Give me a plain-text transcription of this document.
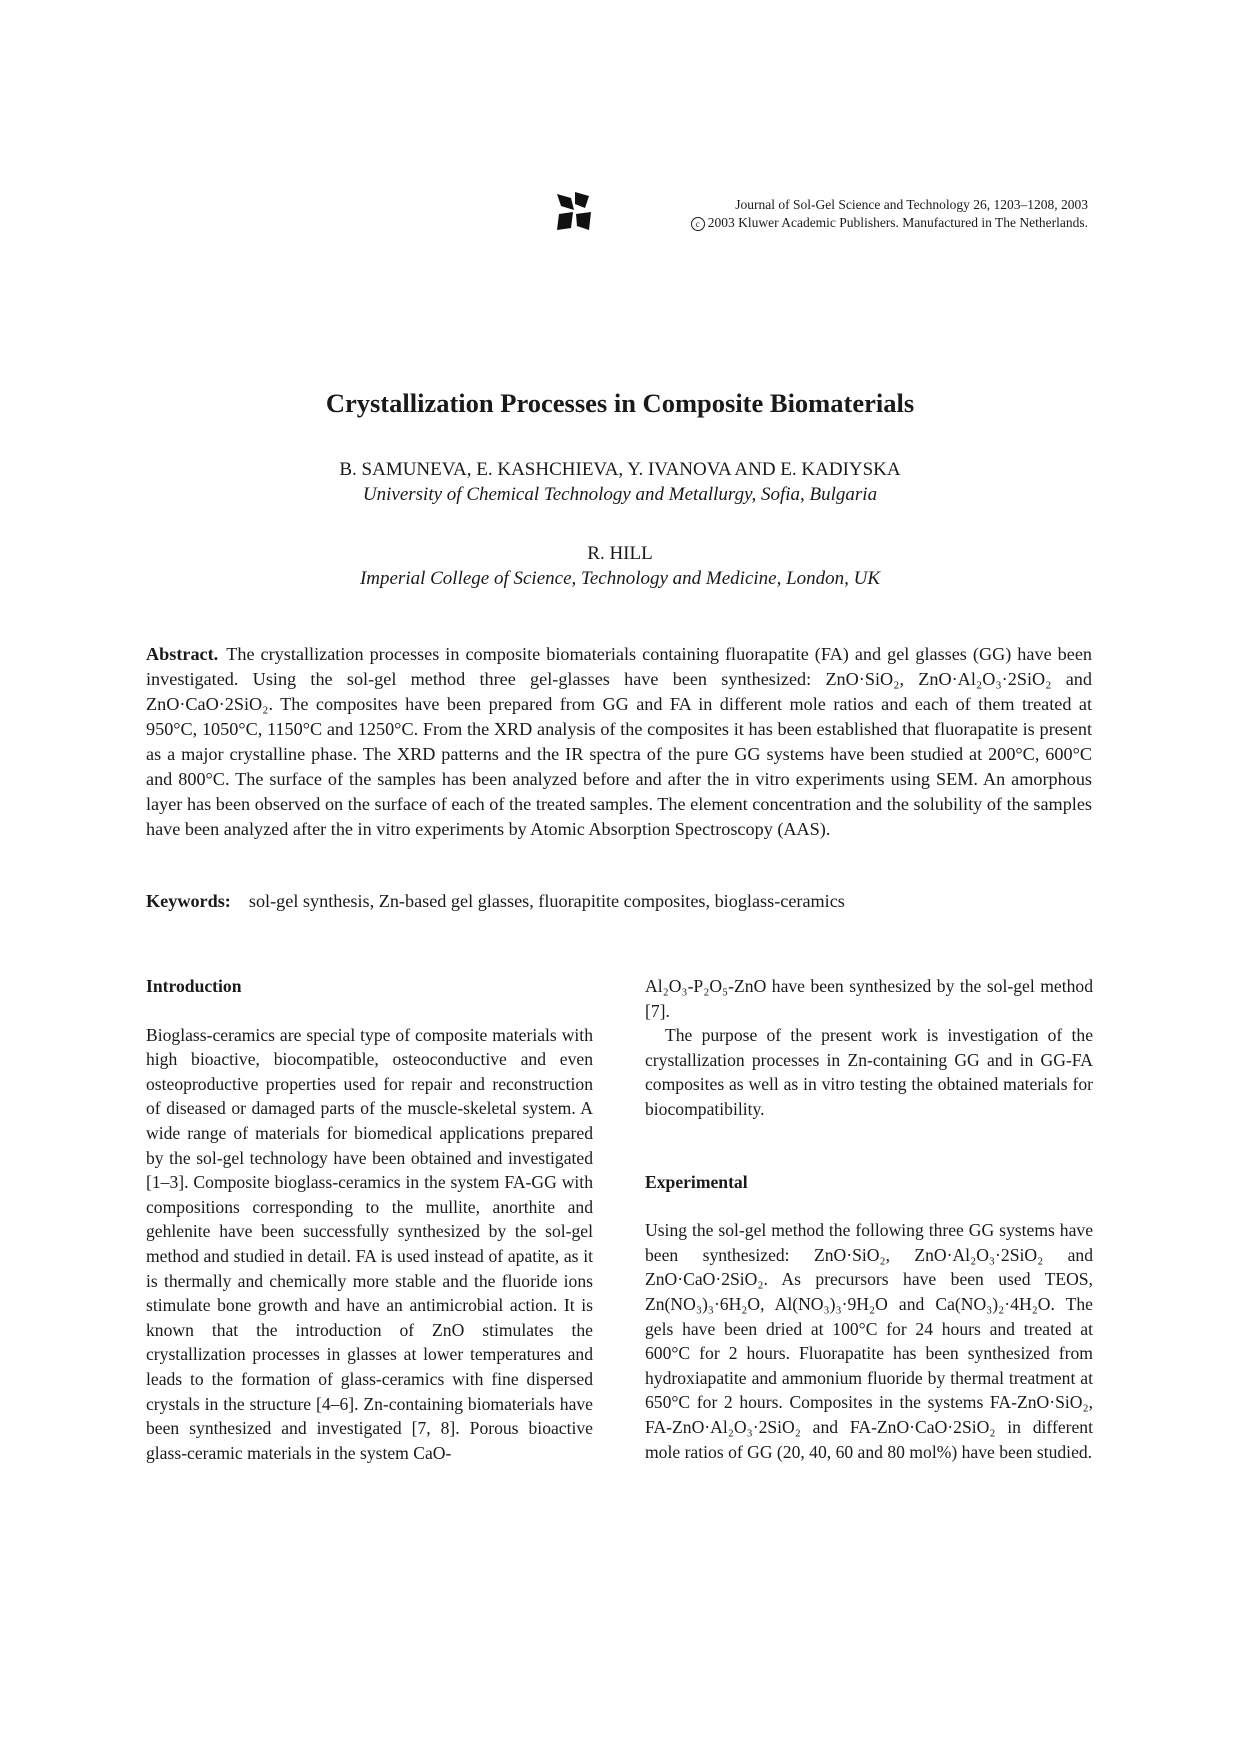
Journal of Sol-Gel Science and Technology 26, 1203–1208, 2003
c 2003 Kluwer Academic Publishers. Manufactured in The Netherlands.
Crystallization Processes in Composite Biomaterials
B. SAMUNEVA, E. KASHCHIEVA, Y. IVANOVA AND E. KADIYSKA
University of Chemical Technology and Metallurgy, Sofia, Bulgaria
R. HILL
Imperial College of Science, Technology and Medicine, London, UK
Abstract. The crystallization processes in composite biomaterials containing fluorapatite (FA) and gel glasses (GG) have been investigated. Using the sol-gel method three gel-glasses have been synthesized: ZnO·SiO₂, ZnO·Al₂O₃·2SiO₂ and ZnO·CaO·2SiO₂. The composites have been prepared from GG and FA in different mole ratios and each of them treated at 950°C, 1050°C, 1150°C and 1250°C. From the XRD analysis of the composites it has been established that fluorapatite is present as a major crystalline phase. The XRD patterns and the IR spectra of the pure GG systems have been studied at 200°C, 600°C and 800°C. The surface of the samples has been analyzed before and after the in vitro experiments using SEM. An amorphous layer has been observed on the surface of each of the treated samples. The element concentration and the solubility of the samples have been analyzed after the in vitro experiments by Atomic Absorption Spectroscopy (AAS).
Keywords: sol-gel synthesis, Zn-based gel glasses, fluorapitite composites, bioglass-ceramics

Introduction

Bioglass-ceramics are special type of composite materials with high bioactive, biocompatible, osteoconductive and even osteoproductive properties used for repair and reconstruction of diseased or damaged parts of the muscle-skeletal system. A wide range of materials for biomedical applications prepared by the sol-gel technology have been obtained and investigated [1–3]. Composite bioglass-ceramics in the system FA-GG with compositions corresponding to the mullite, anorthite and gehlenite have been successfully synthesized by the sol-gel method and studied in detail. FA is used instead of apatite, as it is thermally and chemically more stable and the fluoride ions stimulate bone growth and have an antimicrobial action. It is known that the introduction of ZnO stimulates the crystallization processes in glasses at lower temperatures and leads to the formation of glass-ceramics with fine dispersed crystals in the structure [4–6]. Zn-containing biomaterials have been synthesized and investigated [7, 8]. Porous bioactive glass-ceramic materials in the system CaO-

Al₂O₃-P₂O₅-ZnO have been synthesized by the sol-gel method [7].

The purpose of the present work is investigation of the crystallization processes in Zn-containing GG and in GG-FA composites as well as in vitro testing the obtained materials for biocompatibility.

Experimental

Using the sol-gel method the following three GG systems have been synthesized: ZnO·SiO₂, ZnO·Al₂O₃·2SiO₂ and ZnO·CaO·2SiO₂. As precursors have been used TEOS, Zn(NO₃)₃·6H₂O, Al(NO₃)₃·9H₂O and Ca(NO₃)₂·4H₂O. The gels have been dried at 100°C for 24 hours and treated at 600°C for 2 hours. Fluorapatite has been synthesized from hydroxiapatite and ammonium fluoride by thermal treatment at 650°C for 2 hours. Composites in the systems FA-ZnO·SiO₂, FA-ZnO·Al₂O₃·2SiO₂ and FA-ZnO·CaO·2SiO₂ in different mole ratios of GG (20, 40, 60 and 80 mol%) have been studied.
